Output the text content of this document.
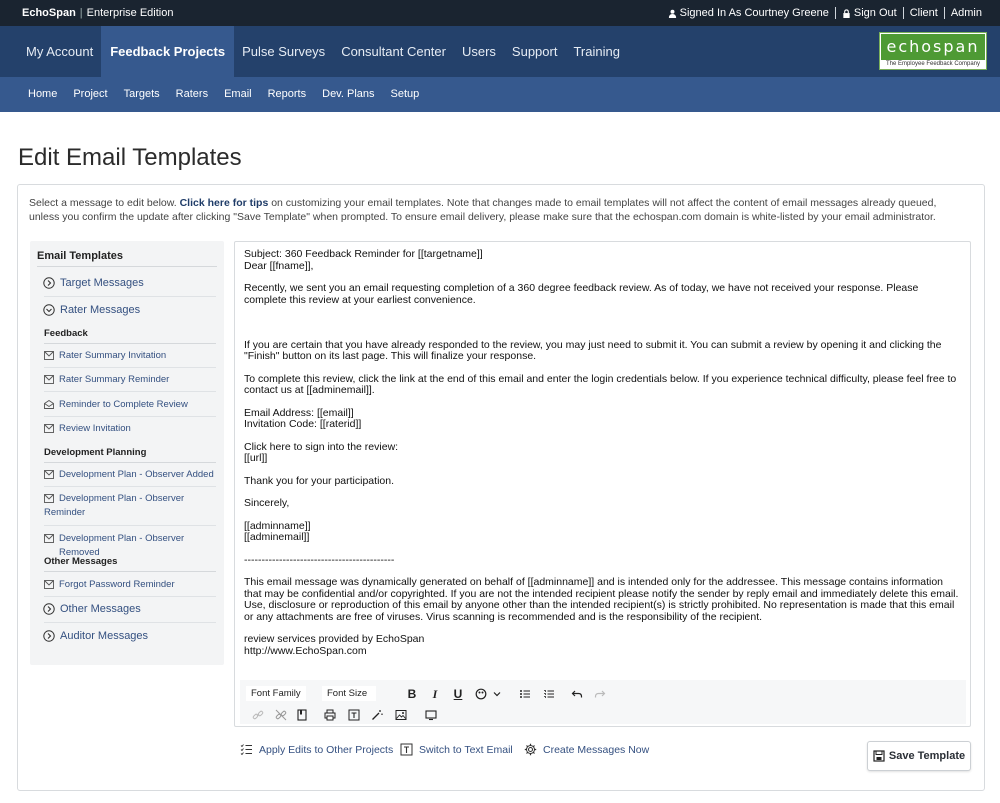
EchoSpan | Enterprise Edition	Signed In As Courtney Greene Sign Out Client Admin
My Account	Feedback Projects	Pulse Surveys	Consultant Center	Users	Support	Training	echospan
The Employee Feedback Company
Home	Project	Targets	Raters	Email	Reports	Dev. Plans	Setup
Edit Email Templates
Select a message to edit below. Click here for tips on customizing your email templates. Note that changes made to email templates will not affect the content of email messages already queued, unless you confirm the update after clicking "Save Template" when prompted. To ensure email delivery, please make sure that the echospan.com domain is white-listed by your email administrator.
Email Templates
Target Messages
Rater Messages
Feedback
Rater Summary Invitation
Rater Summary Reminder
Reminder to Complete Review
Review Invitation
Development Planning
Development Plan - Observer Added
Development Plan - Observer Reminder
Development Plan - Observer Removed
Other Messages
Forgot Password Reminder
Other Messages
Auditor Messages

Subject: 360 Feedback Reminder for [[targetname]]
Dear [[fname]],

Recently, we sent you an email requesting completion of a 360 degree feedback review. As of today, we have not received your response. Please complete this review at your earliest convenience.

If you are certain that you have already responded to the review, you may just need to submit it. You can submit a review by opening it and clicking the "Finish" button on its last page. This will finalize your response.

To complete this review, click the link at the end of this email and enter the login credentials below. If you experience technical difficulty, please feel free to contact us at [[adminemail]].

Email Address: [[email]]
Invitation Code: [[raterid]]

Click here to sign into the review:
[[url]]

Thank you for your participation.

Sincerely,

[[adminname]]
[[adminemail]]

-------------------------------------------

This email message was dynamically generated on behalf of [[adminname]] and is intended only for the addressee. This message contains information that may be confidential and/or copyrighted. If you are not the intended recipient please notify the sender by reply email and immediately delete this email. Use, disclosure or reproduction of this email by anyone other than the intended recipient(s) is strictly prohibited. No representation is made that this email or any attachments are free of viruses. Virus scanning is recommended and is the responsibility of the recipient.

review services provided by EchoSpan
http://www.EchoSpan.com

Font Family	Font Size	B	I	U
Apply Edits to Other Projects Switch to Text Email	Create Messages Now
Save Template
